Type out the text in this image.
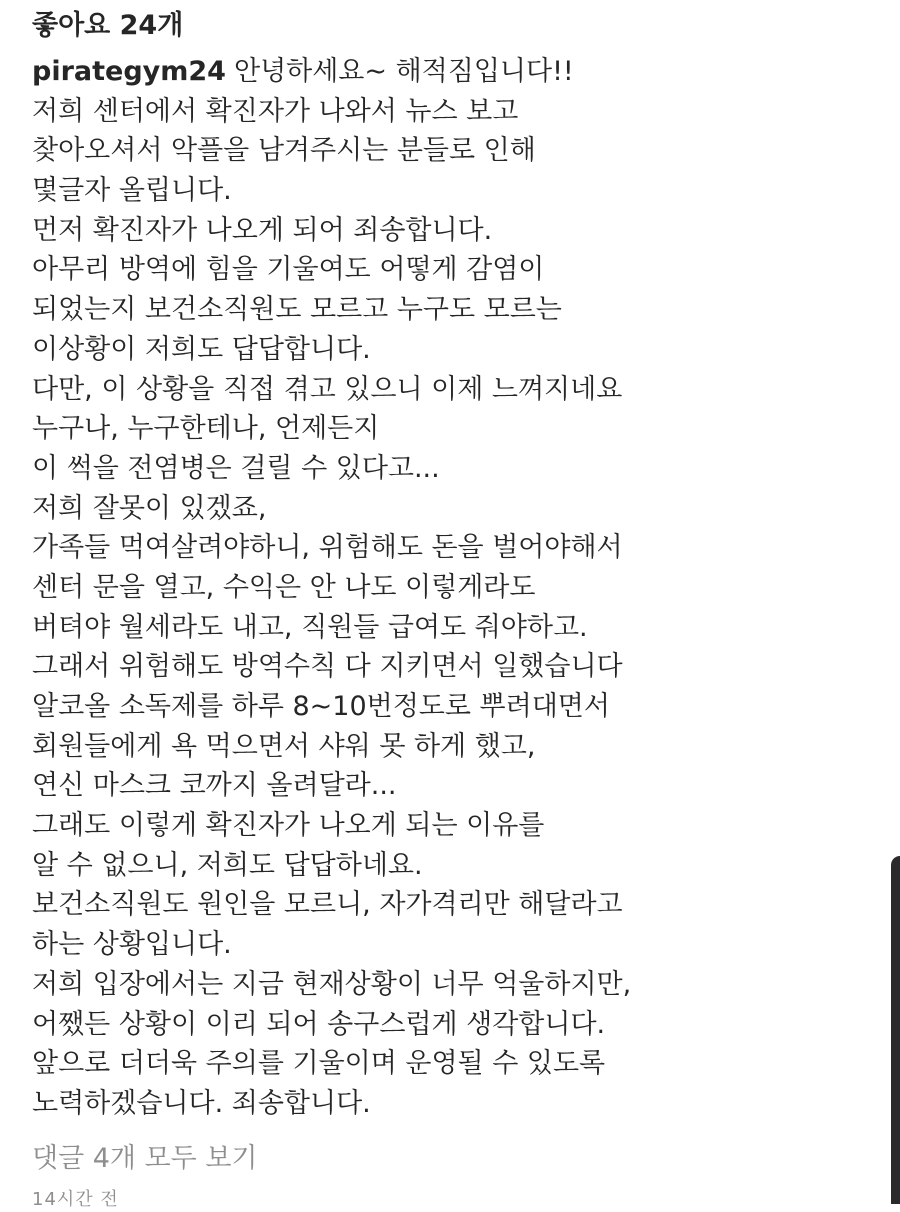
좋아요 24개
pirategym24 안녕하세요~ 해적짐입니다!!
저희 센터에서 확진자가 나와서 뉴스 보고
찾아오셔서 악플을 남겨주시는 분들로 인해
몇글자 올립니다.
먼저 확진자가 나오게 되어 죄송합니다.
아무리 방역에 힘을 기울여도 어떻게 감염이
되었는지 보건소직원도 모르고 누구도 모르는
이상황이 저희도 답답합니다.
다만, 이 상황을 직접 겪고 있으니 이제 느껴지네요
누구나, 누구한테나, 언제든지
이 썩을 전염병은 걸릴 수 있다고...
저희 잘못이 있겠죠,
가족들 먹여살려야하니, 위험해도 돈을 벌어야해서
센터 문을 열고, 수익은 안 나도 이렇게라도
버텨야 월세라도 내고, 직원들 급여도 줘야하고.
그래서 위험해도 방역수칙 다 지키면서 일했습니다
알코올 소독제를 하루 8~10번정도로 뿌려대면서
회원들에게 욕 먹으면서 샤워 못 하게 했고,
연신 마스크 코까지 올려달라...
그래도 이렇게 확진자가 나오게 되는 이유를
알 수 없으니, 저희도 답답하네요.
보건소직원도 원인을 모르니, 자가격리만 해달라고
하는 상황입니다.
저희 입장에서는 지금 현재상황이 너무 억울하지만,
어쨌든 상황이 이리 되어 송구스럽게 생각합니다.
앞으로 더더욱 주의를 기울이며 운영될 수 있도록
노력하겠습니다. 죄송합니다.
댓글 4개 모두 보기
14시간 전
